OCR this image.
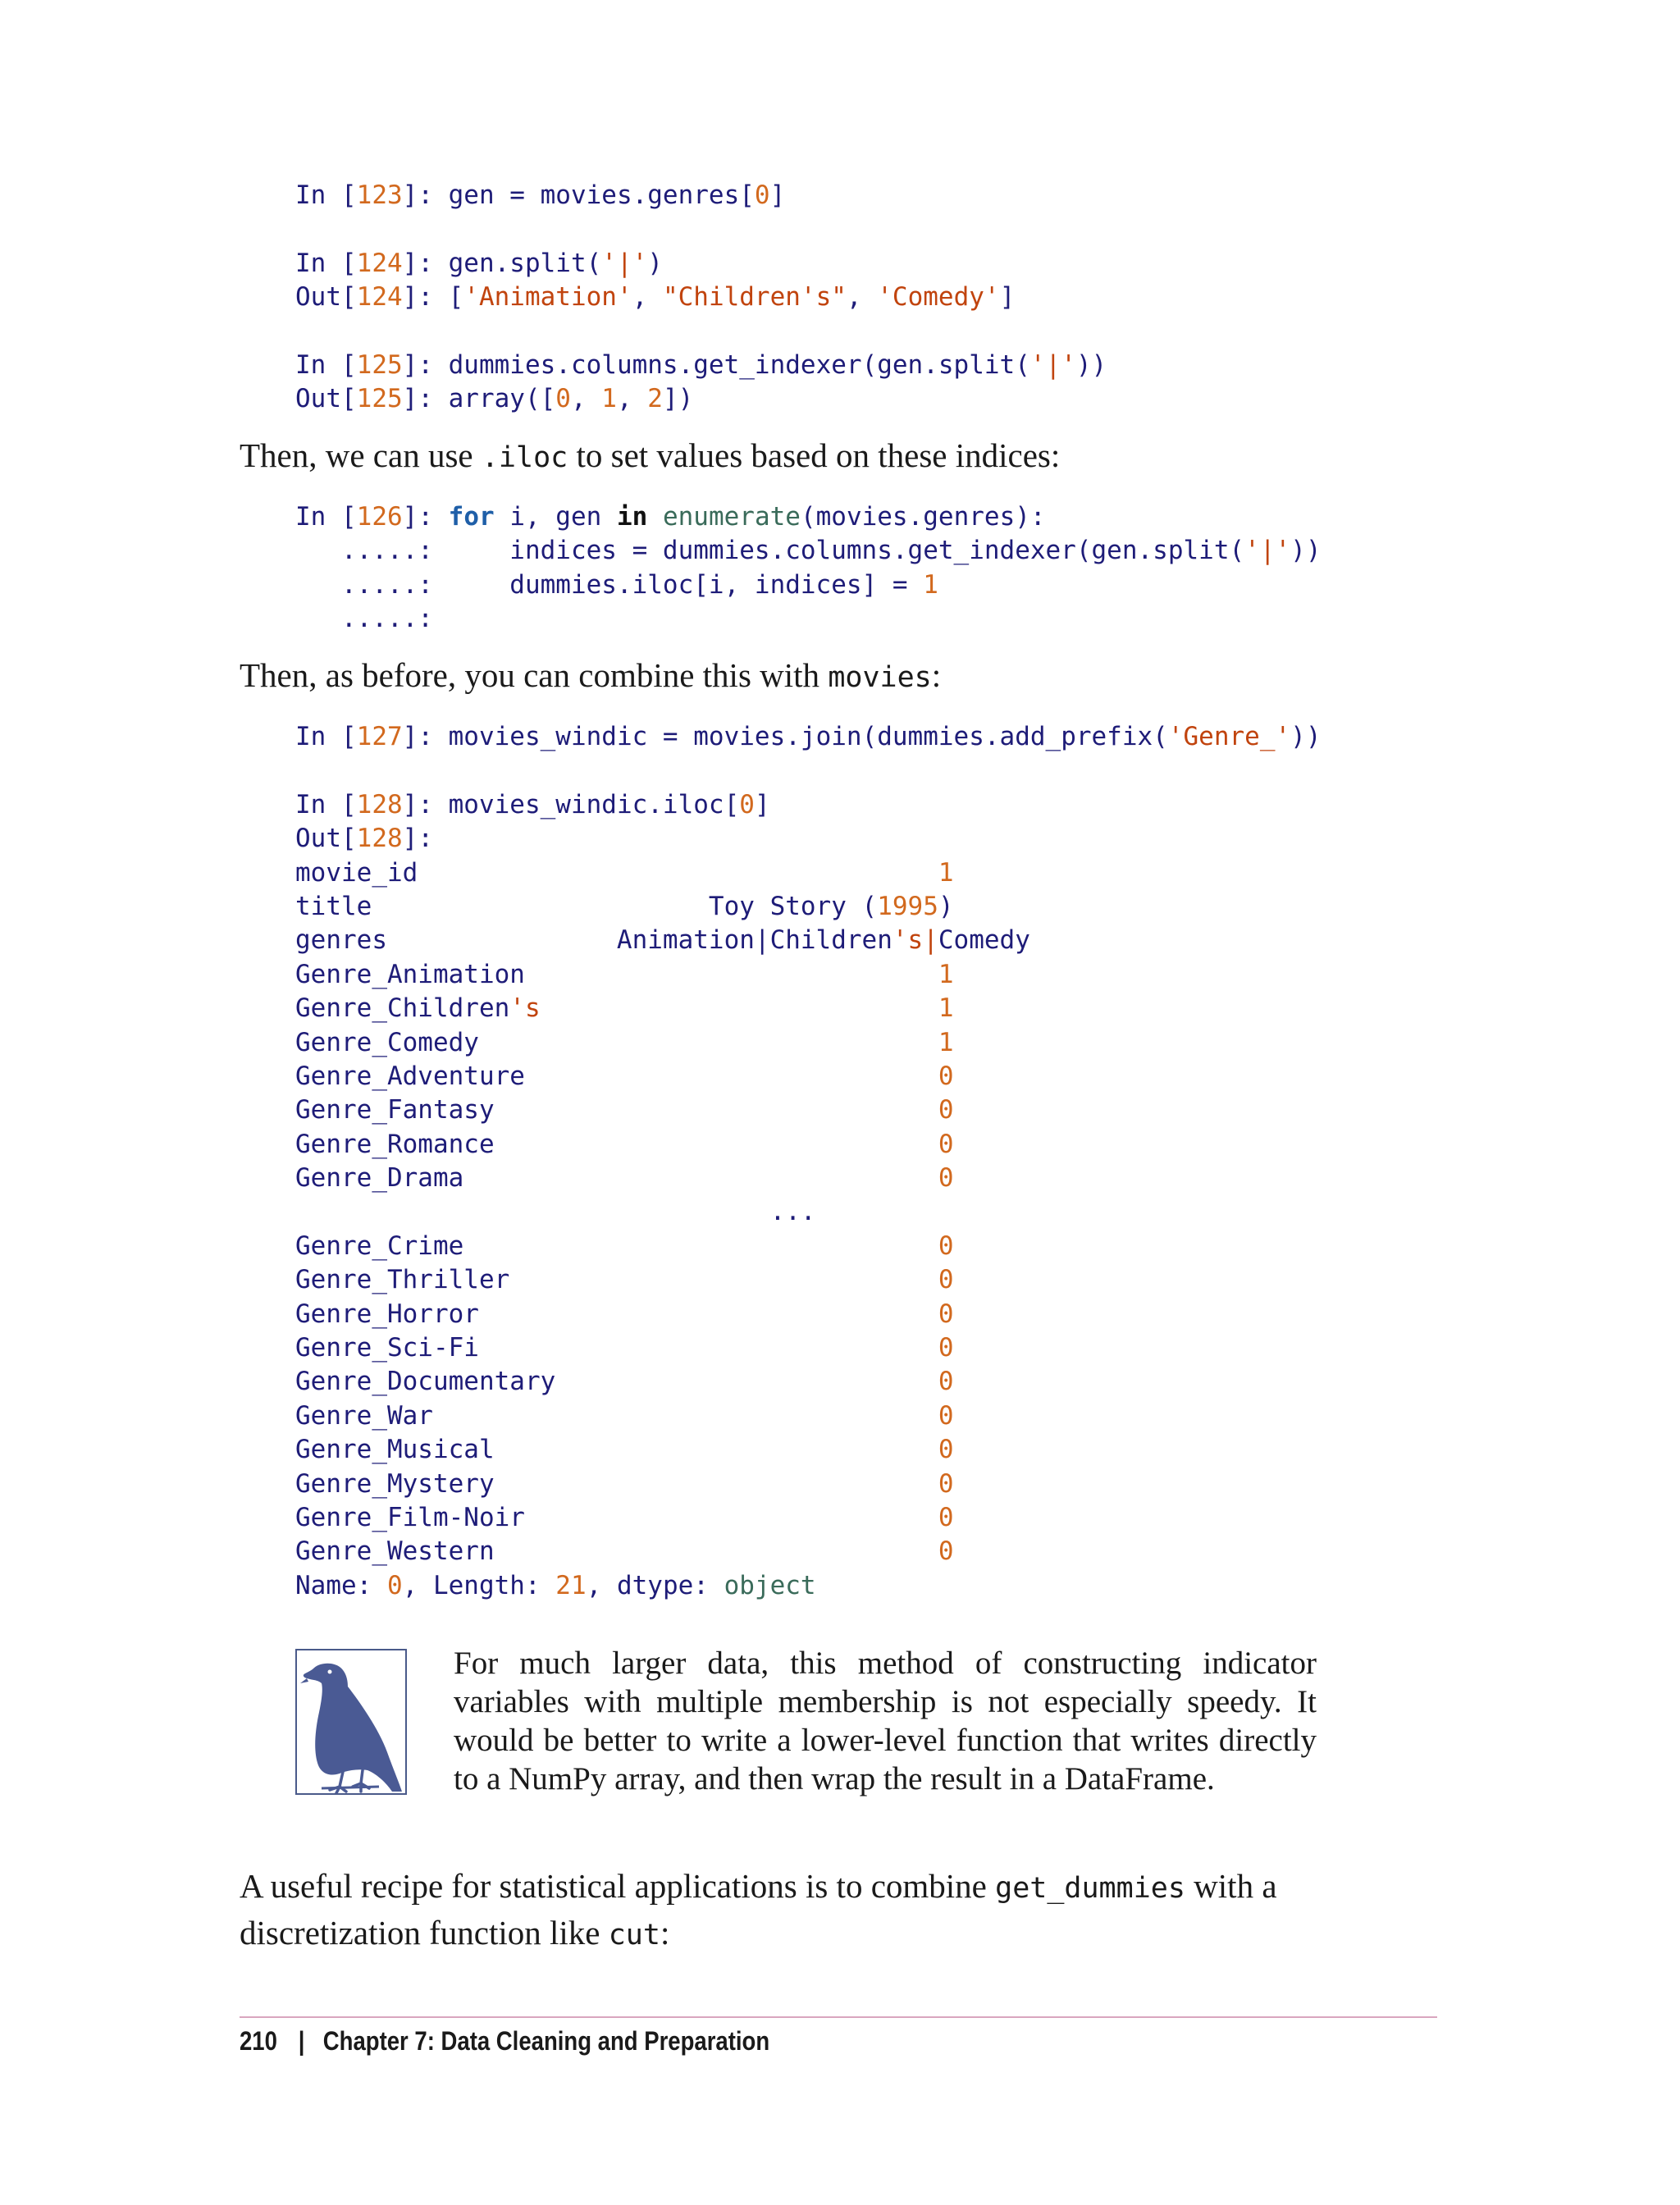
In [123]: gen = movies.genres[0]
In [124]: gen.split('|')
Out[124]: ['Animation', "Children's", 'Comedy']
In [125]: dummies.columns.get_indexer(gen.split('|'))
Out[125]: array([0, 1, 2])

Then, we can use .iloc to set values based on these indices:

In [126]: for i, gen in enumerate(movies.genres):
.....:     indices = dummies.columns.get_indexer(gen.split('|'))
.....:     dummies.iloc[i, indices] = 1
.....:

Then, as before, you can combine this with movies:

In [127]: movies_windic = movies.join(dummies.add_prefix('Genre_'))
In [128]: movies_windic.iloc[0]
Out[128]:
movie_id                                  1
title                      Toy Story (1995)
genres               Animation|Children's|Comedy
Genre_Animation                           1
Genre_Children's	1
Genre_Comedy                              1
Genre_Adventure                           0
Genre_Fantasy                             0
Genre_Romance                             0
Genre_Drama                               0
...
Genre_Crime                               0
Genre_Thriller                            0
Genre_Horror                              0
Genre_Sci-Fi                              0
Genre_Documentary                         0
Genre_War                                 0
Genre_Musical                             0
Genre_Mystery                             0
Genre_Film-Noir                           0
Genre_Western                             0
Name: 0, Length: 21, dtype: object

For much larger data, this method of constructing indicator variables with multiple membership is not especially speedy. It would be better to write a lower-level function that writes directly to a NumPy array, and then wrap the result in a DataFrame.

A useful recipe for statistical applications is to combine get_dummies with a discretization function like cut:

210 | Chapter 7: Data Cleaning and Preparation
